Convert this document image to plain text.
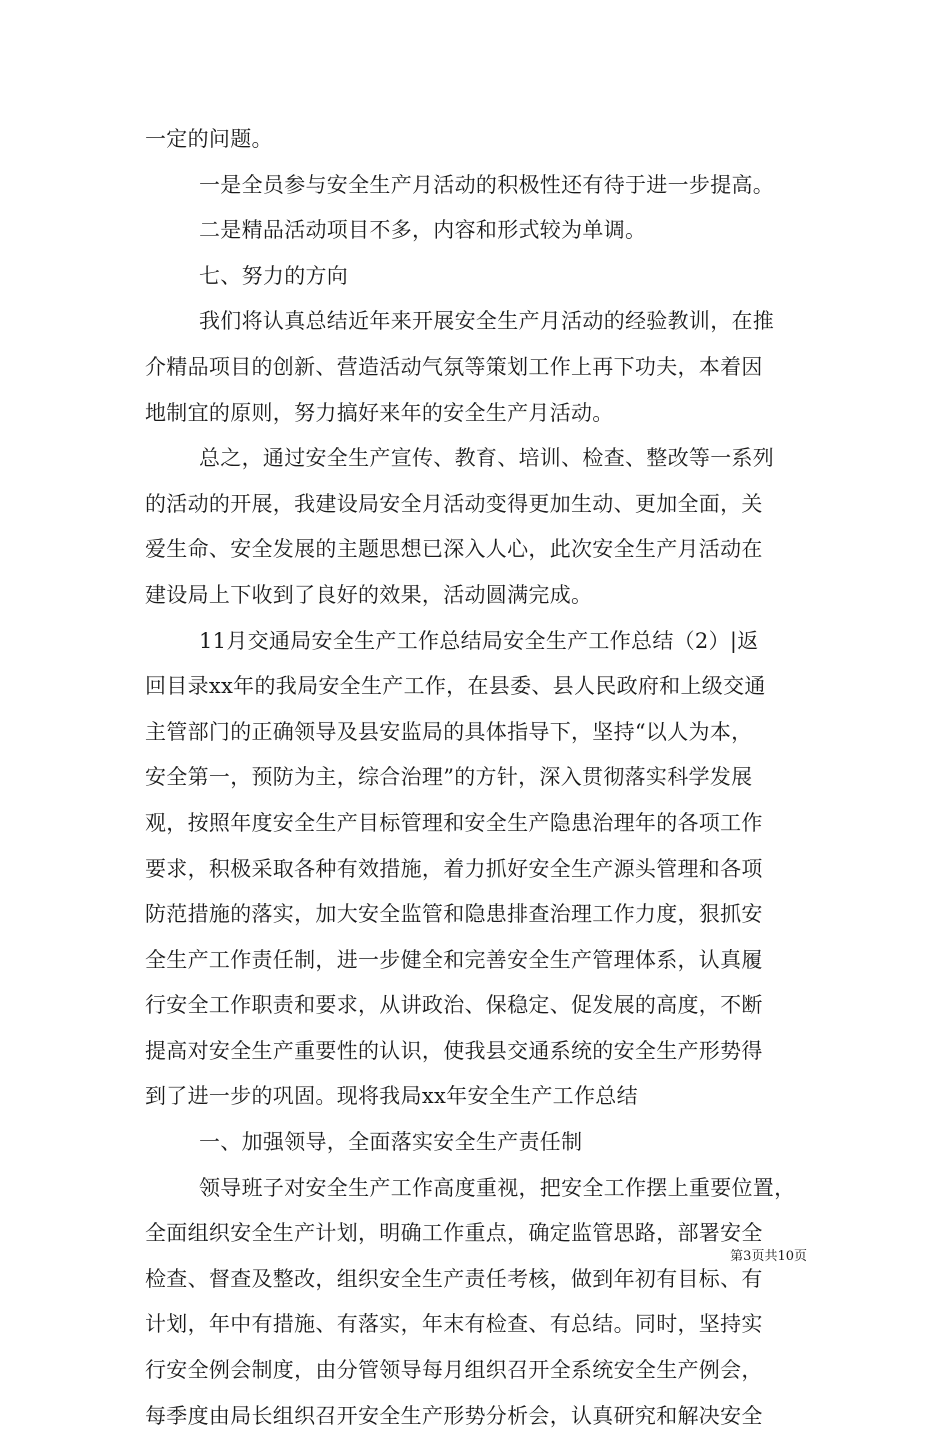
一定的问题。
一是全员参与安全生产月活动的积极性还有待于进一步提高。
二是精品活动项目不多，内容和形式较为单调。
七、努力的方向
我们将认真总结近年来开展安全生产月活动的经验教训，在推
介精品项目的创新、营造活动气氛等策划工作上再下功夫，本着因
地制宜的原则，努力搞好来年的安全生产月活动。
总之，通过安全生产宣传、教育、培训、检查、整改等一系列
的活动的开展，我建设局安全月活动变得更加生动、更加全面，关
爱生命、安全发展的主题思想已深入人心，此次安全生产月活动在
建设局上下收到了良好的效果，活动圆满完成。
11月交通局安全生产工作总结局安全生产工作总结（2）|返
回目录xx年的我局安全生产工作，在县委、县人民政府和上级交通
主管部门的正确领导及县安监局的具体指导下，坚持“以人为本，
安全第一，预防为主，综合治理”的方针，深入贯彻落实科学发展
观，按照年度安全生产目标管理和安全生产隐患治理年的各项工作
要求，积极采取各种有效措施，着力抓好安全生产源头管理和各项
防范措施的落实，加大安全监管和隐患排查治理工作力度，狠抓安
全生产工作责任制，进一步健全和完善安全生产管理体系，认真履
行安全工作职责和要求，从讲政治、保稳定、促发展的高度，不断
提高对安全生产重要性的认识，使我县交通系统的安全生产形势得
到了进一步的巩固。现将我局xx年安全生产工作总结
一、加强领导，全面落实安全生产责任制
领导班子对安全生产工作高度重视，把安全工作摆上重要位置，
全面组织安全生产计划，明确工作重点，确定监管思路，部署安全
检查、督查及整改，组织安全生产责任考核，做到年初有目标、有
计划，年中有措施、有落实，年末有检查、有总结。同时，坚持实
行安全例会制度，由分管领导每月组织召开全系统安全生产例会，
每季度由局长组织召开安全生产形势分析会，认真研究和解决安全
第3页共10页
